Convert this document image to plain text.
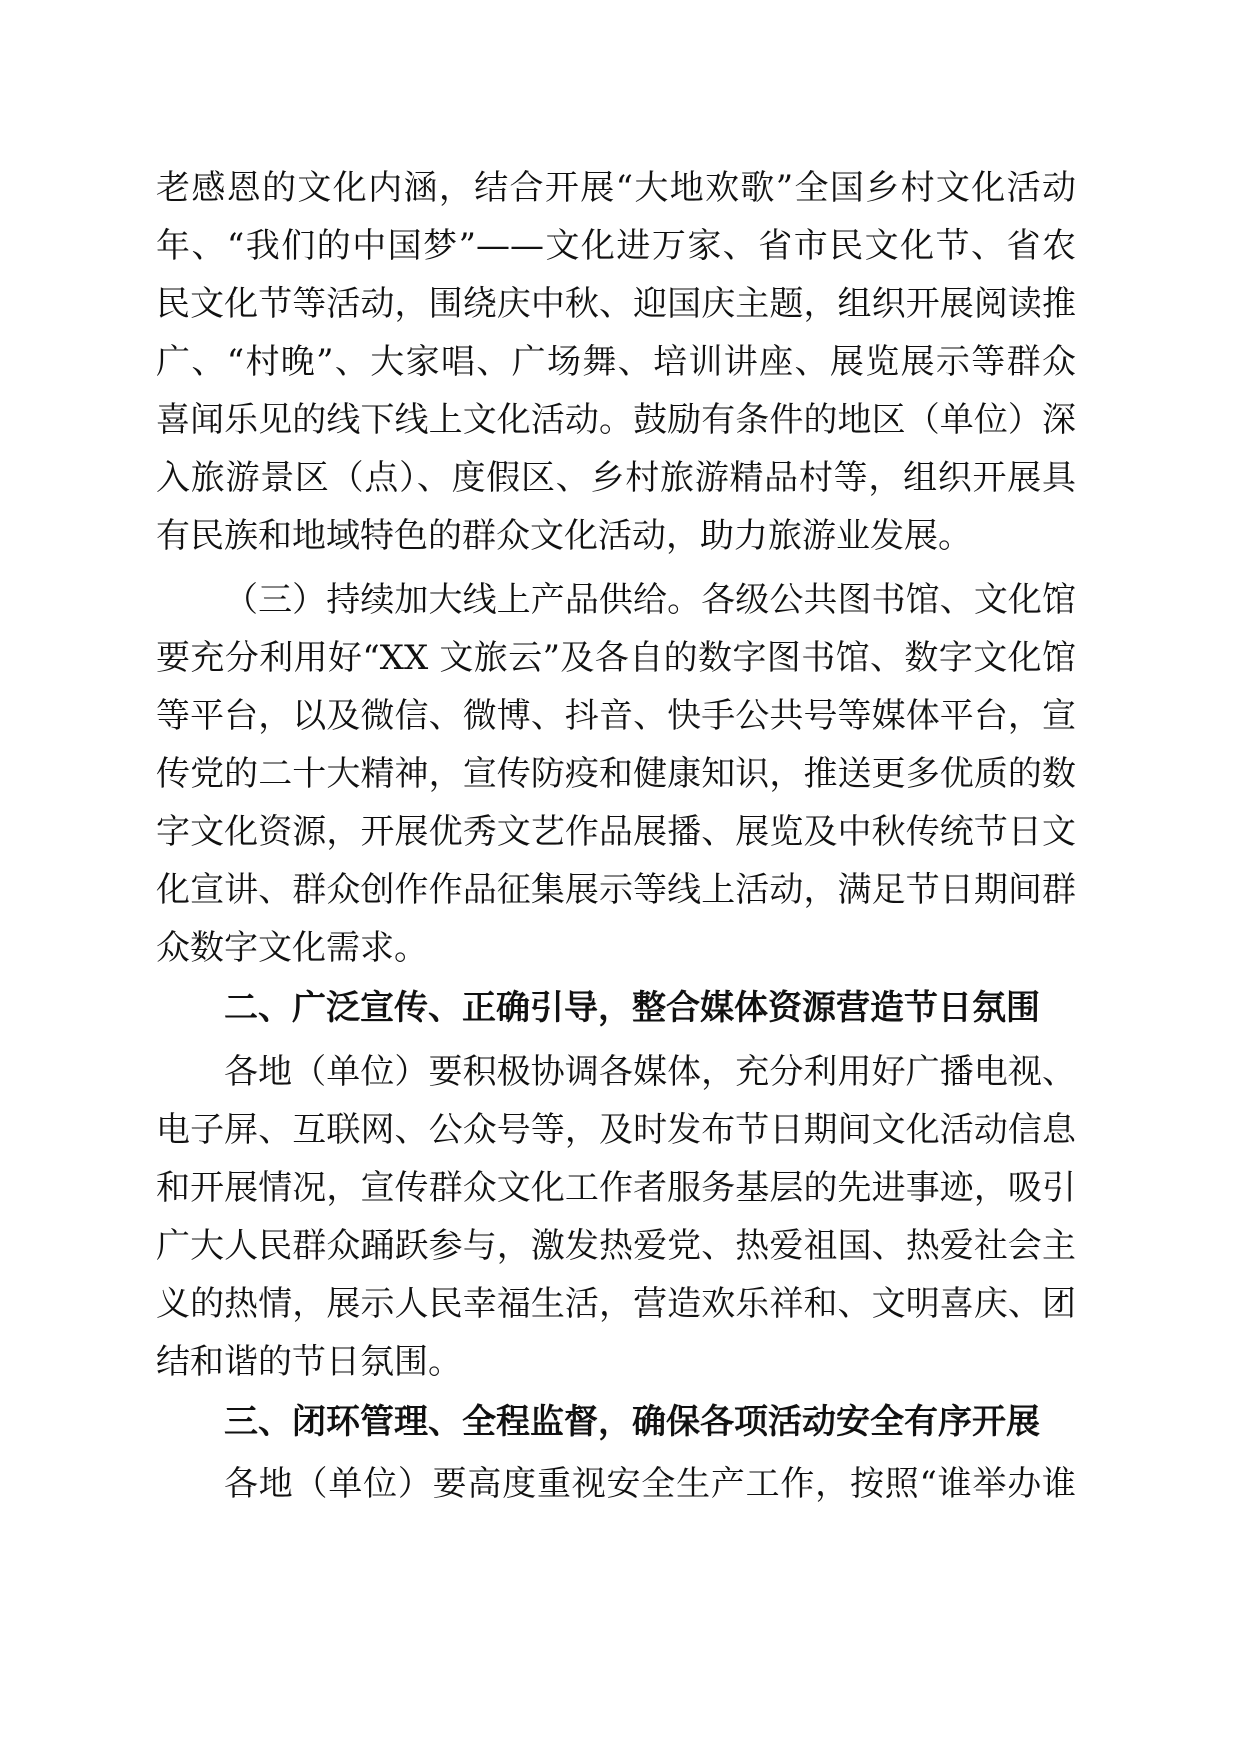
老感恩的文化内涵，结合开展“大地欢歌”全国乡村文化活动
年、“我们的中国梦”——文化进万家、省市民文化节、省农
民文化节等活动，围绕庆中秋、迎国庆主题，组织开展阅读推
广、“村晚”、大家唱、广场舞、培训讲座、展览展示等群众
喜闻乐见的线下线上文化活动。鼓励有条件的地区（单位）深
入旅游景区（点）、度假区、乡村旅游精品村等，组织开展具
有民族和地域特色的群众文化活动，助力旅游业发展。
（三）持续加大线上产品供给。各级公共图书馆、文化馆
要充分利用好“XX 文旅云”及各自的数字图书馆、数字文化馆
等平台，以及微信、微博、抖音、快手公共号等媒体平台，宣
传党的二十大精神，宣传防疫和健康知识，推送更多优质的数
字文化资源，开展优秀文艺作品展播、展览及中秋传统节日文
化宣讲、群众创作作品征集展示等线上活动，满足节日期间群
众数字文化需求。
二、广泛宣传、正确引导，整合媒体资源营造节日氛围
各地（单位）要积极协调各媒体，充分利用好广播电视、
电子屏、互联网、公众号等，及时发布节日期间文化活动信息
和开展情况，宣传群众文化工作者服务基层的先进事迹，吸引
广大人民群众踊跃参与，激发热爱党、热爱祖国、热爱社会主
义的热情，展示人民幸福生活，营造欢乐祥和、文明喜庆、团
结和谐的节日氛围。
三、闭环管理、全程监督，确保各项活动安全有序开展
各地（单位）要高度重视安全生产工作，按照“谁举办谁
